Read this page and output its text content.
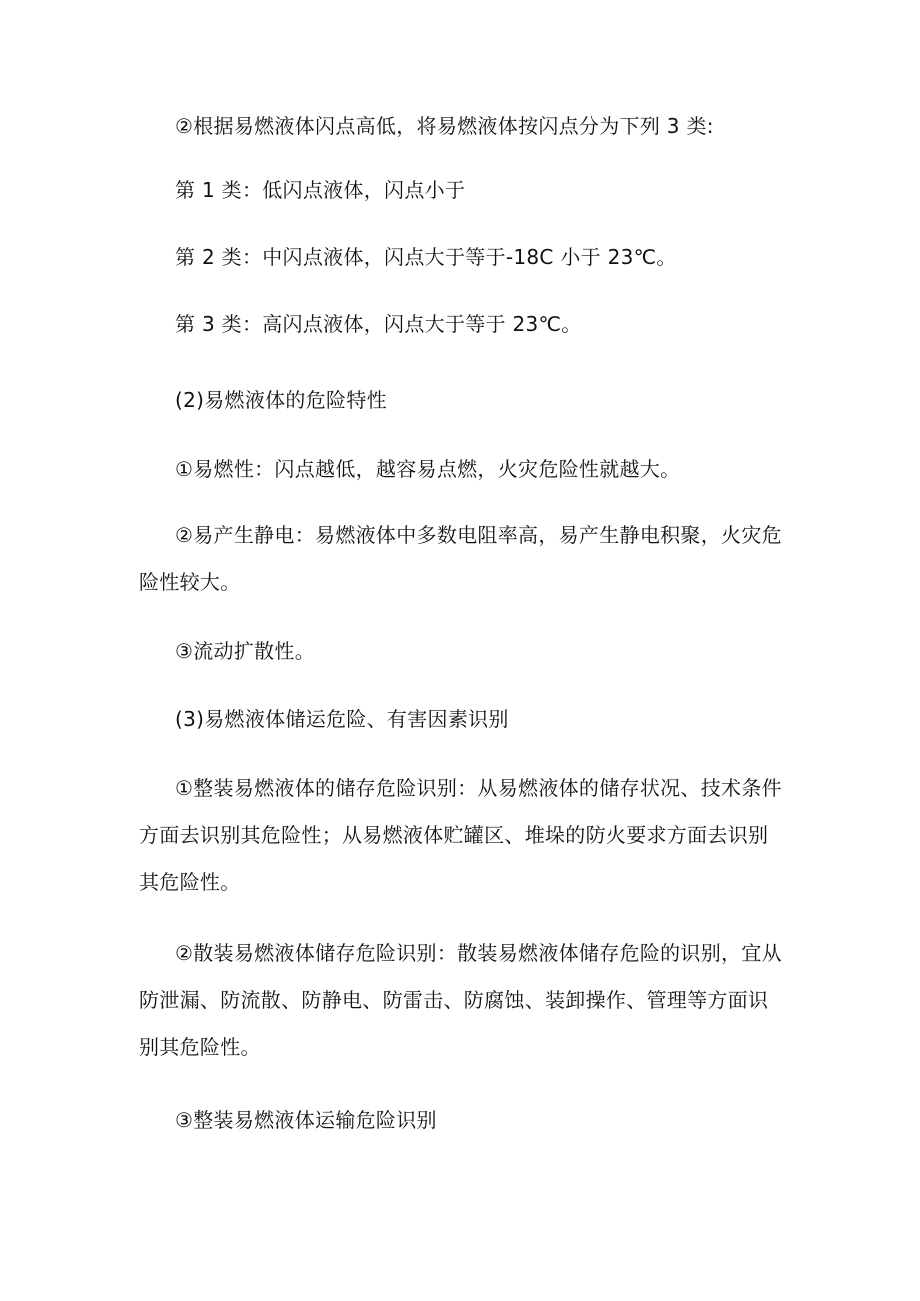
②根据易燃液体闪点高低，将易燃液体按闪点分为下列 3 类:

第 1 类：低闪点液体，闪点小于

第 2 类：中闪点液体，闪点大于等于-18C 小于 23℃。

第 3 类：高闪点液体，闪点大于等于 23℃。

(2)易燃液体的危险特性

①易燃性：闪点越低，越容易点燃，火灾危险性就越大。

②易产生静电：易燃液体中多数电阻率高，易产生静电积聚，火灾危险性较大。

③流动扩散性。

(3)易燃液体储运危险、有害因素识别

①整装易燃液体的储存危险识别：从易燃液体的储存状况、技术条件方面去识别其危险性；从易燃液体贮罐区、堆垛的防火要求方面去识别其危险性。

②散装易燃液体储存危险识别：散装易燃液体储存危险的识别，宜从防泄漏、防流散、防静电、防雷击、防腐蚀、装卸操作、管理等方面识别其危险性。

③整装易燃液体运输危险识别
